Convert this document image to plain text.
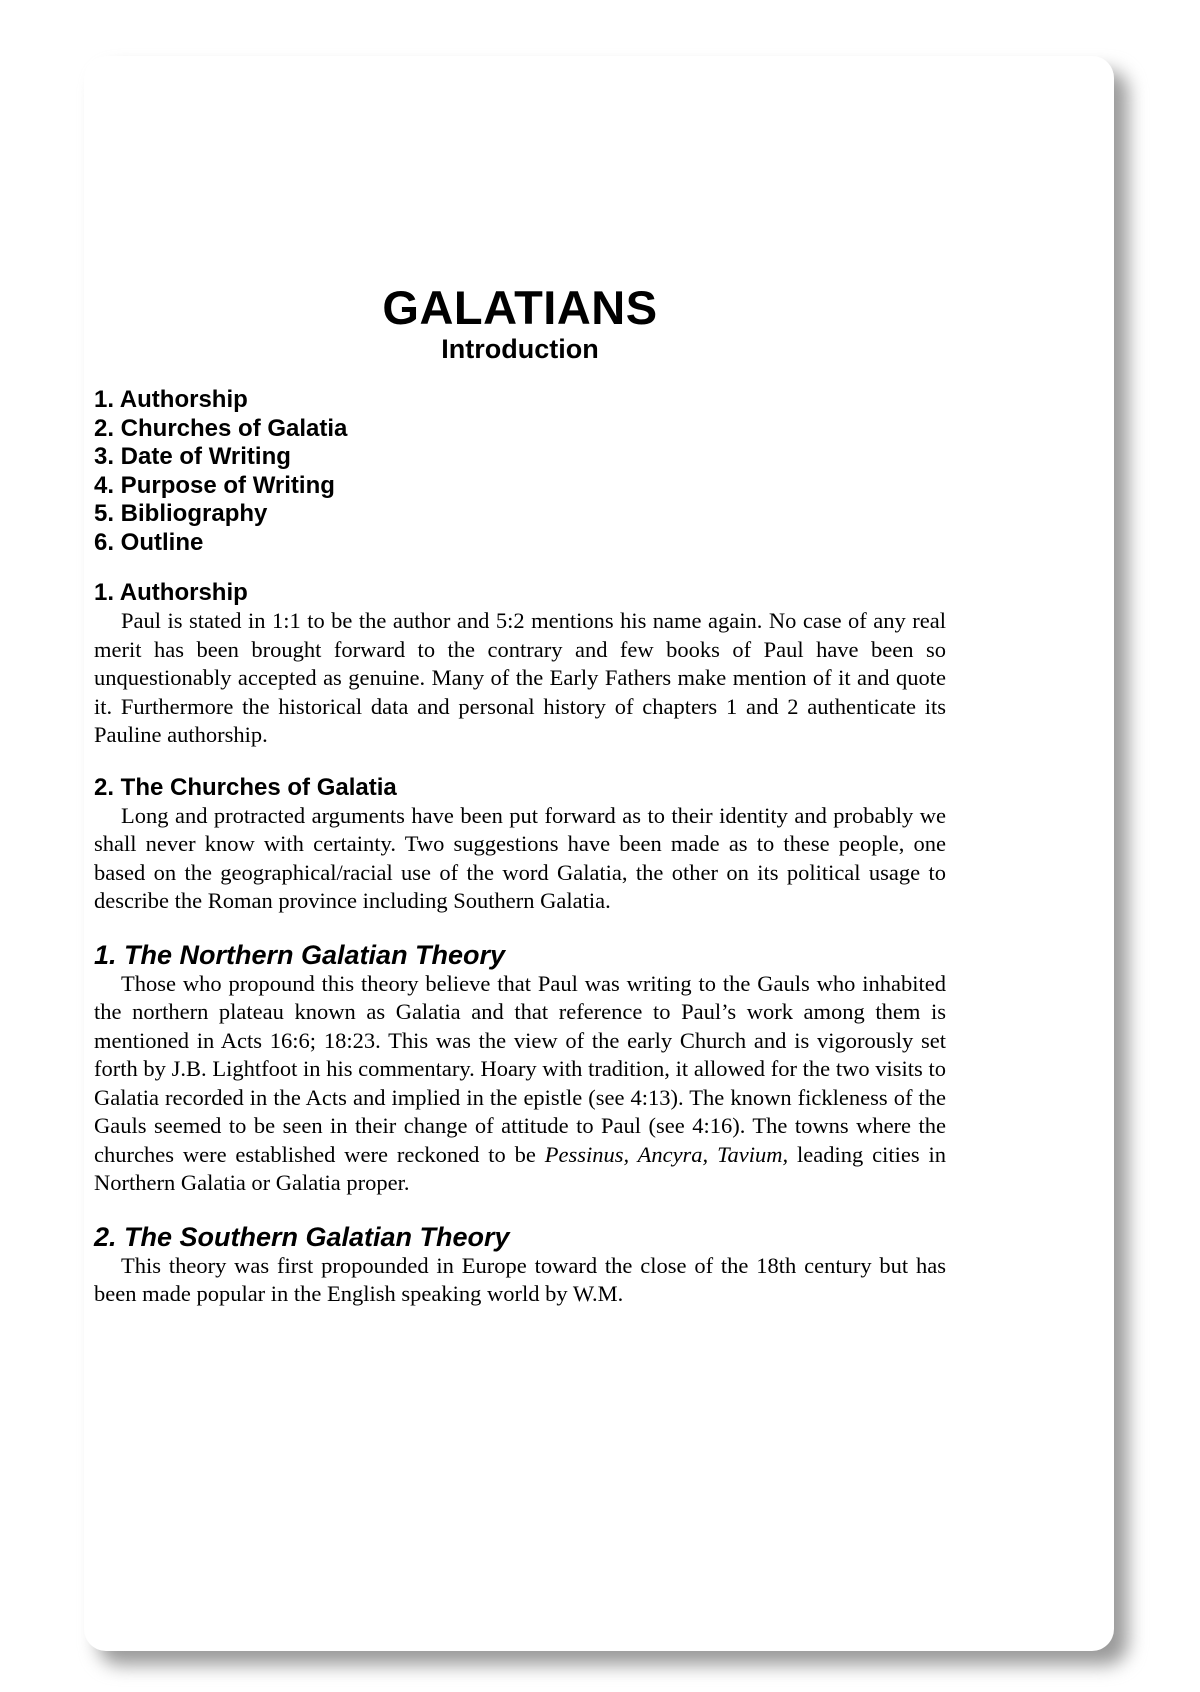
GALATIANS
Introduction
1. Authorship
2. Churches of Galatia
3. Date of Writing
4. Purpose of Writing
5. Bibliography
6. Outline
1. Authorship

Paul is stated in 1:1 to be the author and 5:2 mentions his name again. No case of any real merit has been brought forward to the contrary and few books of Paul have been so unquestionably accepted as genuine. Many of the Early Fathers make mention of it and quote it. Furthermore the historical data and personal history of chapters 1 and 2 authenticate its Pauline authorship.

2. The Churches of Galatia

Long and protracted arguments have been put forward as to their identity and probably we shall never know with certainty. Two suggestions have been made as to these people, one based on the geographical/racial use of the word Galatia, the other on its political usage to describe the Roman province including Southern Galatia.

1. The Northern Galatian Theory

Those who propound this theory believe that Paul was writing to the Gauls who inhabited the northern plateau known as Galatia and that reference to Paul’s work among them is mentioned in Acts 16:6; 18:23. This was the view of the early Church and is vigorously set forth by J.B. Lightfoot in his commentary. Hoary with tradition, it allowed for the two visits to Galatia recorded in the Acts and implied in the epistle (see 4:13). The known fickleness of the Gauls seemed to be seen in their change of attitude to Paul (see 4:16). The towns where the churches were established were reckoned to be Pessinus, Ancyra, Tavium, leading cities in Northern Galatia or Galatia proper.

2. The Southern Galatian Theory

This theory was first propounded in Europe toward the close of the 18th century but has been made popular in the English speaking world by W.M.
